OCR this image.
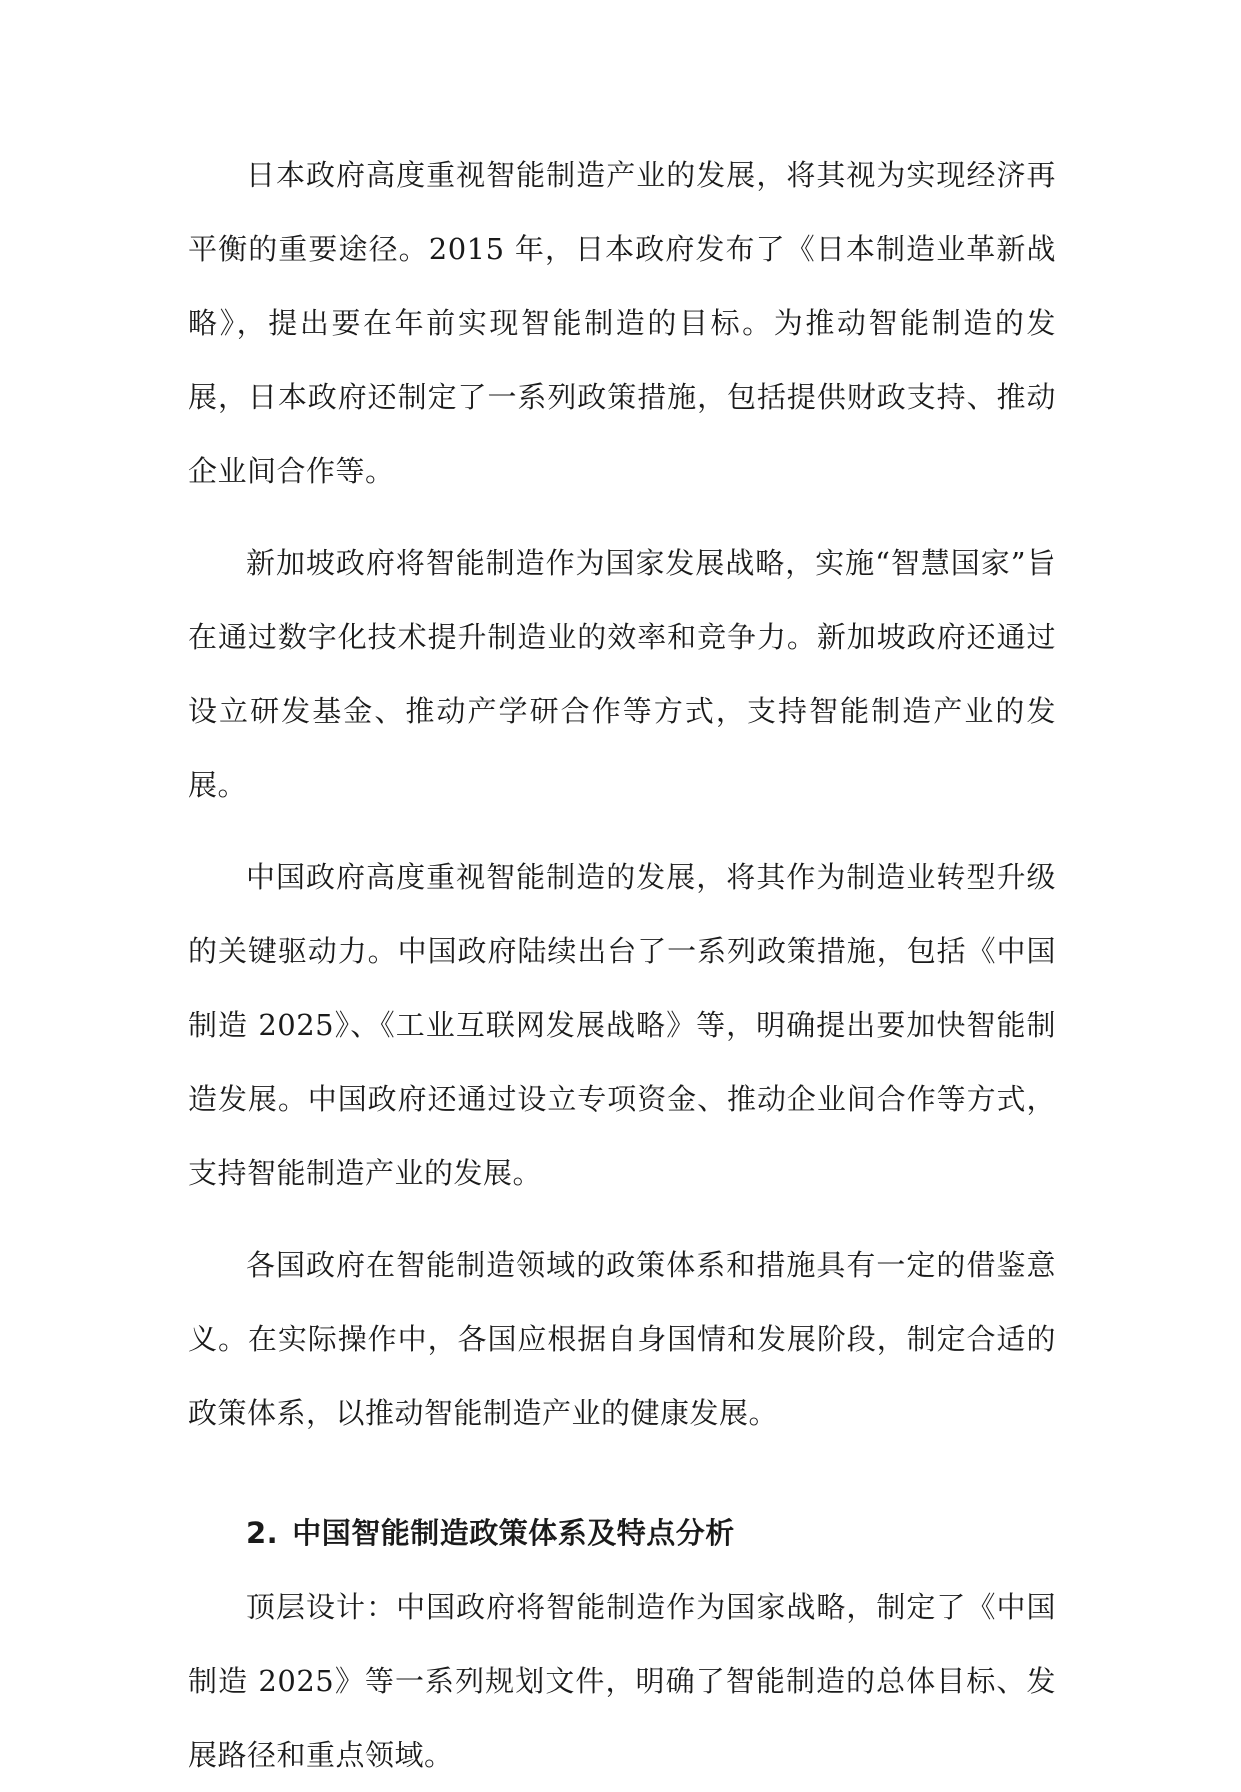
日本政府高度重视智能制造产业的发展，将其视为实现经济再平衡的重要途径。2015 年，日本政府发布了《日本制造业革新战略》，提出要在年前实现智能制造的目标。为推动智能制造的发展，日本政府还制定了一系列政策措施，包括提供财政支持、推动企业间合作等。

新加坡政府将智能制造作为国家发展战略，实施“智慧国家”旨在通过数字化技术提升制造业的效率和竞争力。新加坡政府还通过设立研发基金、推动产学研合作等方式，支持智能制造产业的发展。

中国政府高度重视智能制造的发展，将其作为制造业转型升级的关键驱动力。中国政府陆续出台了一系列政策措施，包括《中国制造 2025》、《工业互联网发展战略》等，明确提出要加快智能制造发展。中国政府还通过设立专项资金、推动企业间合作等方式，支持智能制造产业的发展。

各国政府在智能制造领域的政策体系和措施具有一定的借鉴意义。在实际操作中，各国应根据自身国情和发展阶段，制定合适的政策体系，以推动智能制造产业的健康发展。

2. 中国智能制造政策体系及特点分析

顶层设计：中国政府将智能制造作为国家战略，制定了《中国制造 2025》等一系列规划文件，明确了智能制造的总体目标、发展路径和重点领域。
